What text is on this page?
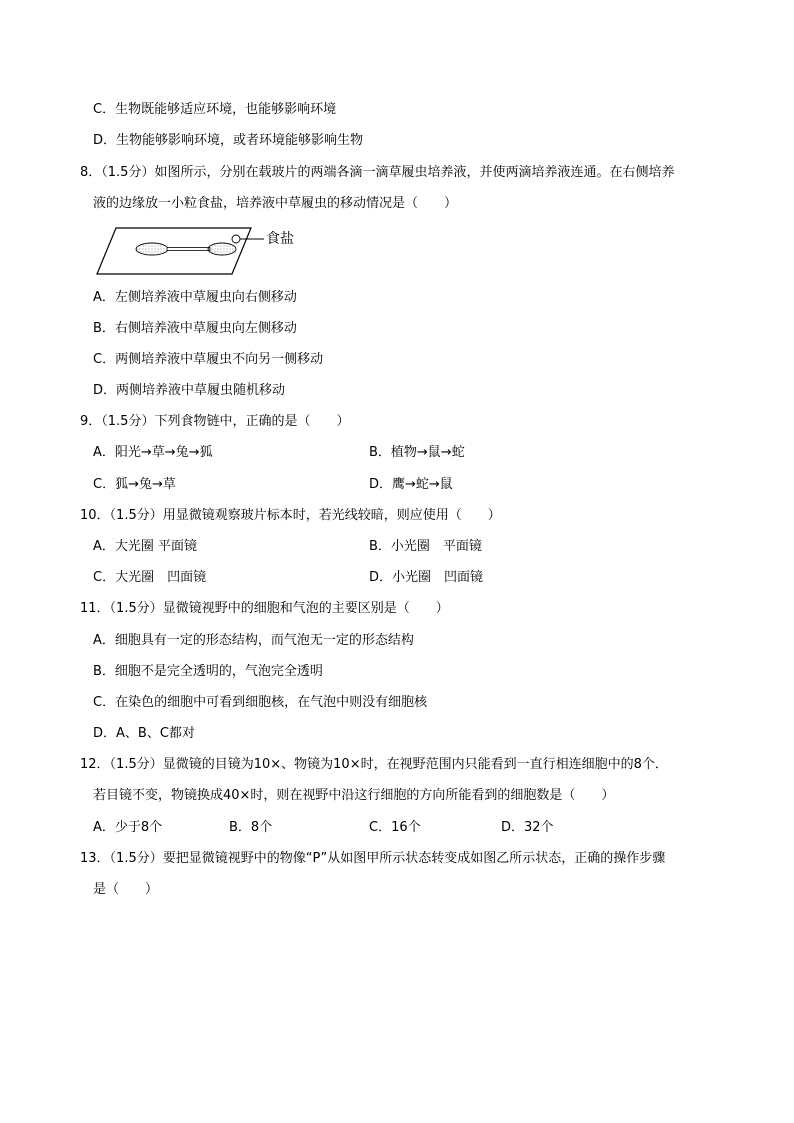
C．生物既能够适应环境，也能够影响环境
D．生物能够影响环境，或者环境能够影响生物
8．（1.5分）如图所示，分别在载玻片的两端各滴一滴草履虫培养液，并使两滴培养液连通。在右侧培养
液的边缘放一小粒食盐，培养液中草履虫的移动情况是（　　）
食盐
A．左侧培养液中草履虫向右侧移动
B．右侧培养液中草履虫向左侧移动
C．两侧培养液中草履虫不向另一侧移动
D．两侧培养液中草履虫随机移动
9．（1.5分）下列食物链中，正确的是（　　）
A．阳光→草→兔→狐	B．植物→鼠→蛇
C．狐→兔→草	D．鹰→蛇→鼠
10．（1.5分）用显微镜观察玻片标本时，若光线较暗，则应使用（　　）
A．大光圈 平面镜	B．小光圈　平面镜
C．大光圈　凹面镜	D．小光圈　凹面镜
11．（1.5分）显微镜视野中的细胞和气泡的主要区别是（　　）
A．细胞具有一定的形态结构，而气泡无一定的形态结构
B．细胞不是完全透明的，气泡完全透明
C．在染色的细胞中可看到细胞核，在气泡中则没有细胞核
D．A、B、C都对
12．（1.5分）显微镜的目镜为10×、物镜为10×时，在视野范围内只能看到一直行相连细胞中的8个．
若目镜不变，物镜换成40×时，则在视野中沿这行细胞的方向所能看到的细胞数是（　　）
A．少于8个	B．8个	C．16个	D．32个
13．（1.5分）要把显微镜视野中的物像“P”从如图甲所示状态转变成如图乙所示状态，正确的操作步骤
是（　　）
